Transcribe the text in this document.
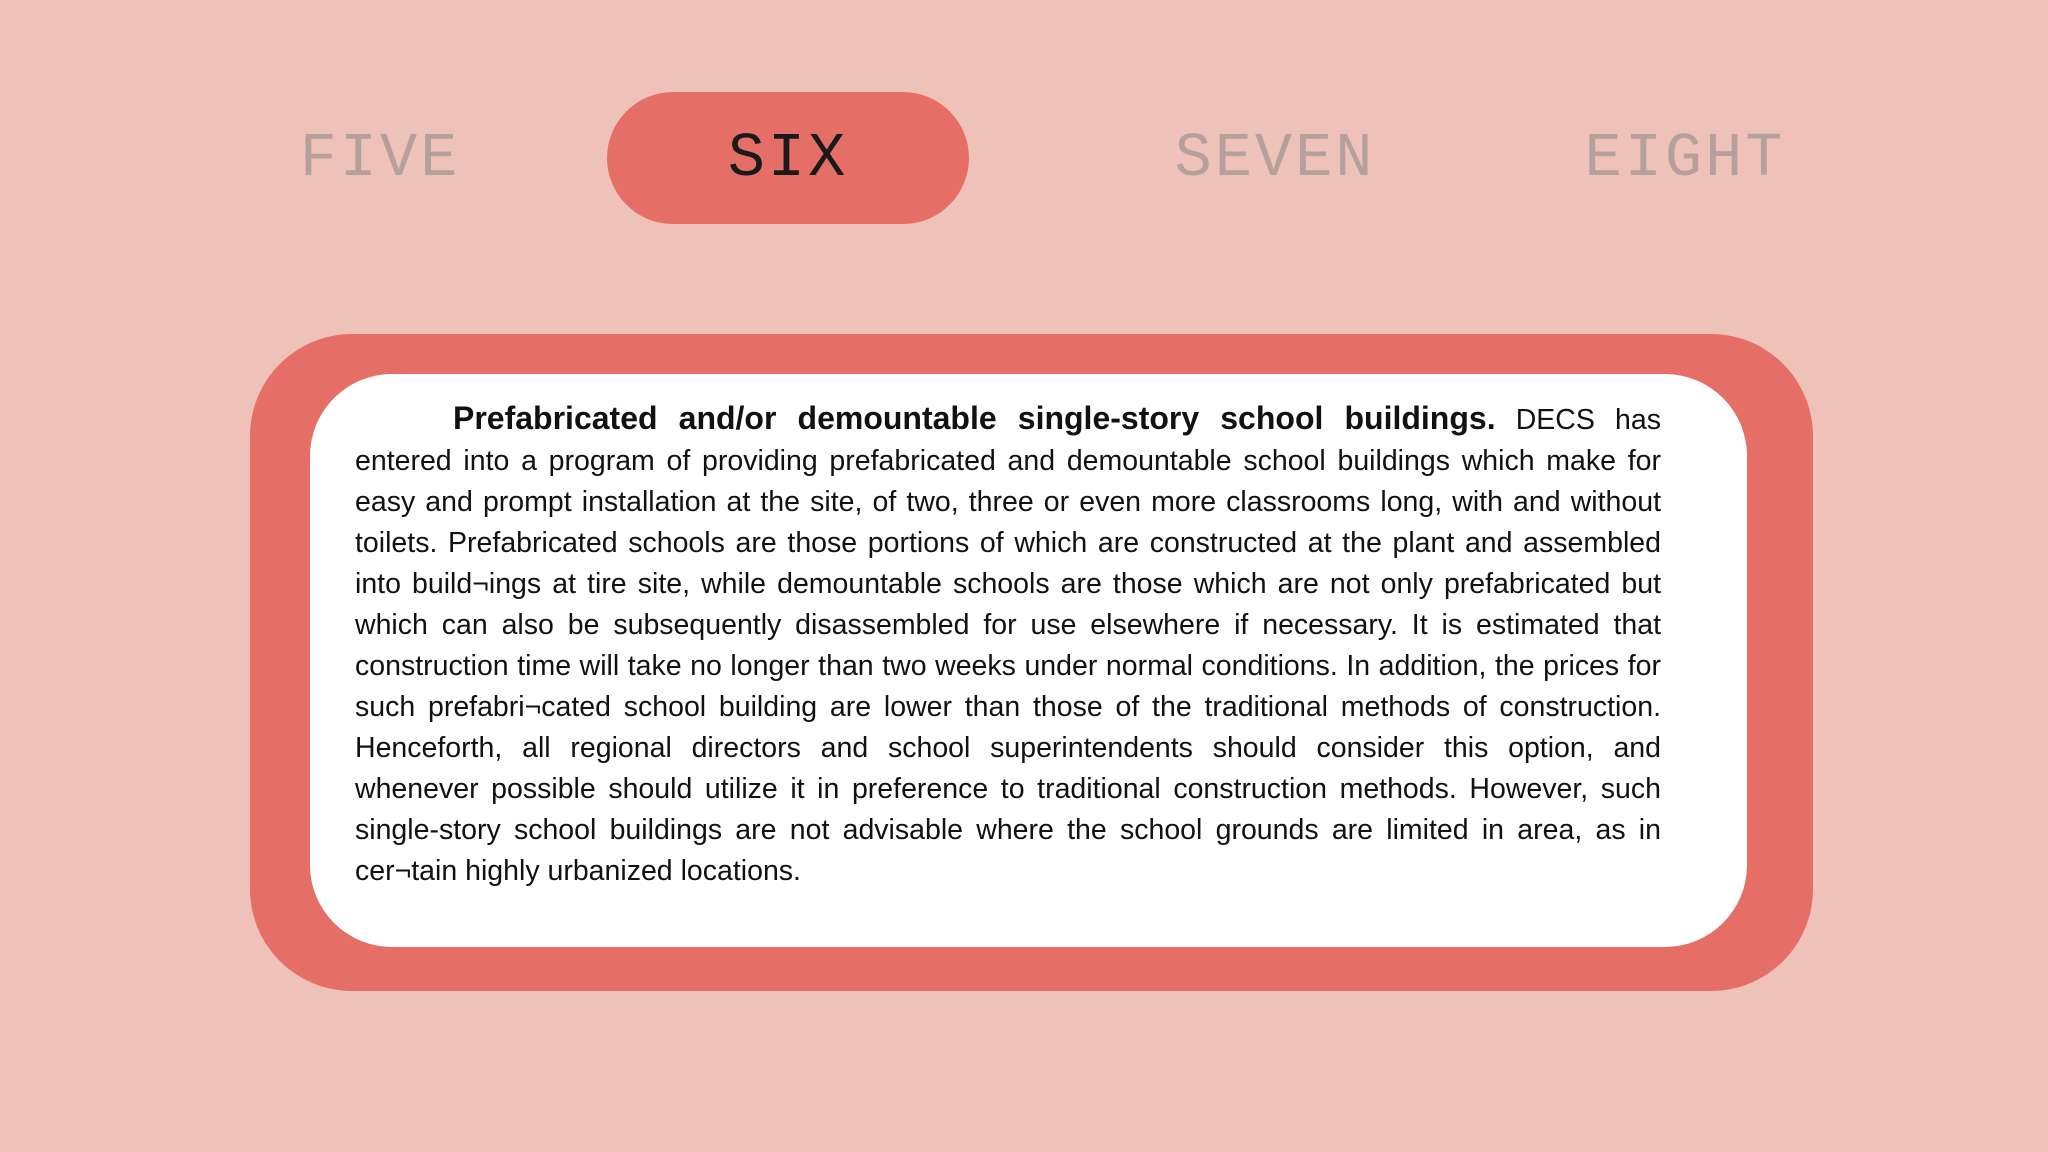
FIVE	SIX	SEVEN	EIGHT

Prefabricated and/or demountable single-story school buildings. DECS has entered into a program of providing prefabricated and demountable school buildings which make for easy and prompt installation at the site, of two, three or even more classrooms long, with and without toilets. Prefabricated schools are those portions of which are constructed at the plant and assembled into build¬ings at tire site, while demountable schools are those which are not only prefabricated but which can also be subsequently disassembled for use elsewhere if necessary. It is estimated that construction time will take no longer than two weeks under normal conditions. In addition, the prices for such prefabri¬cated school building are lower than those of the traditional methods of construction. Henceforth, all regional directors and school superintendents should consider this option, and whenever possible should utilize it in preference to traditional construction methods. However, such single-story school buildings are not advisable where the school grounds are limited in area, as in cer¬tain highly urbanized locations.
